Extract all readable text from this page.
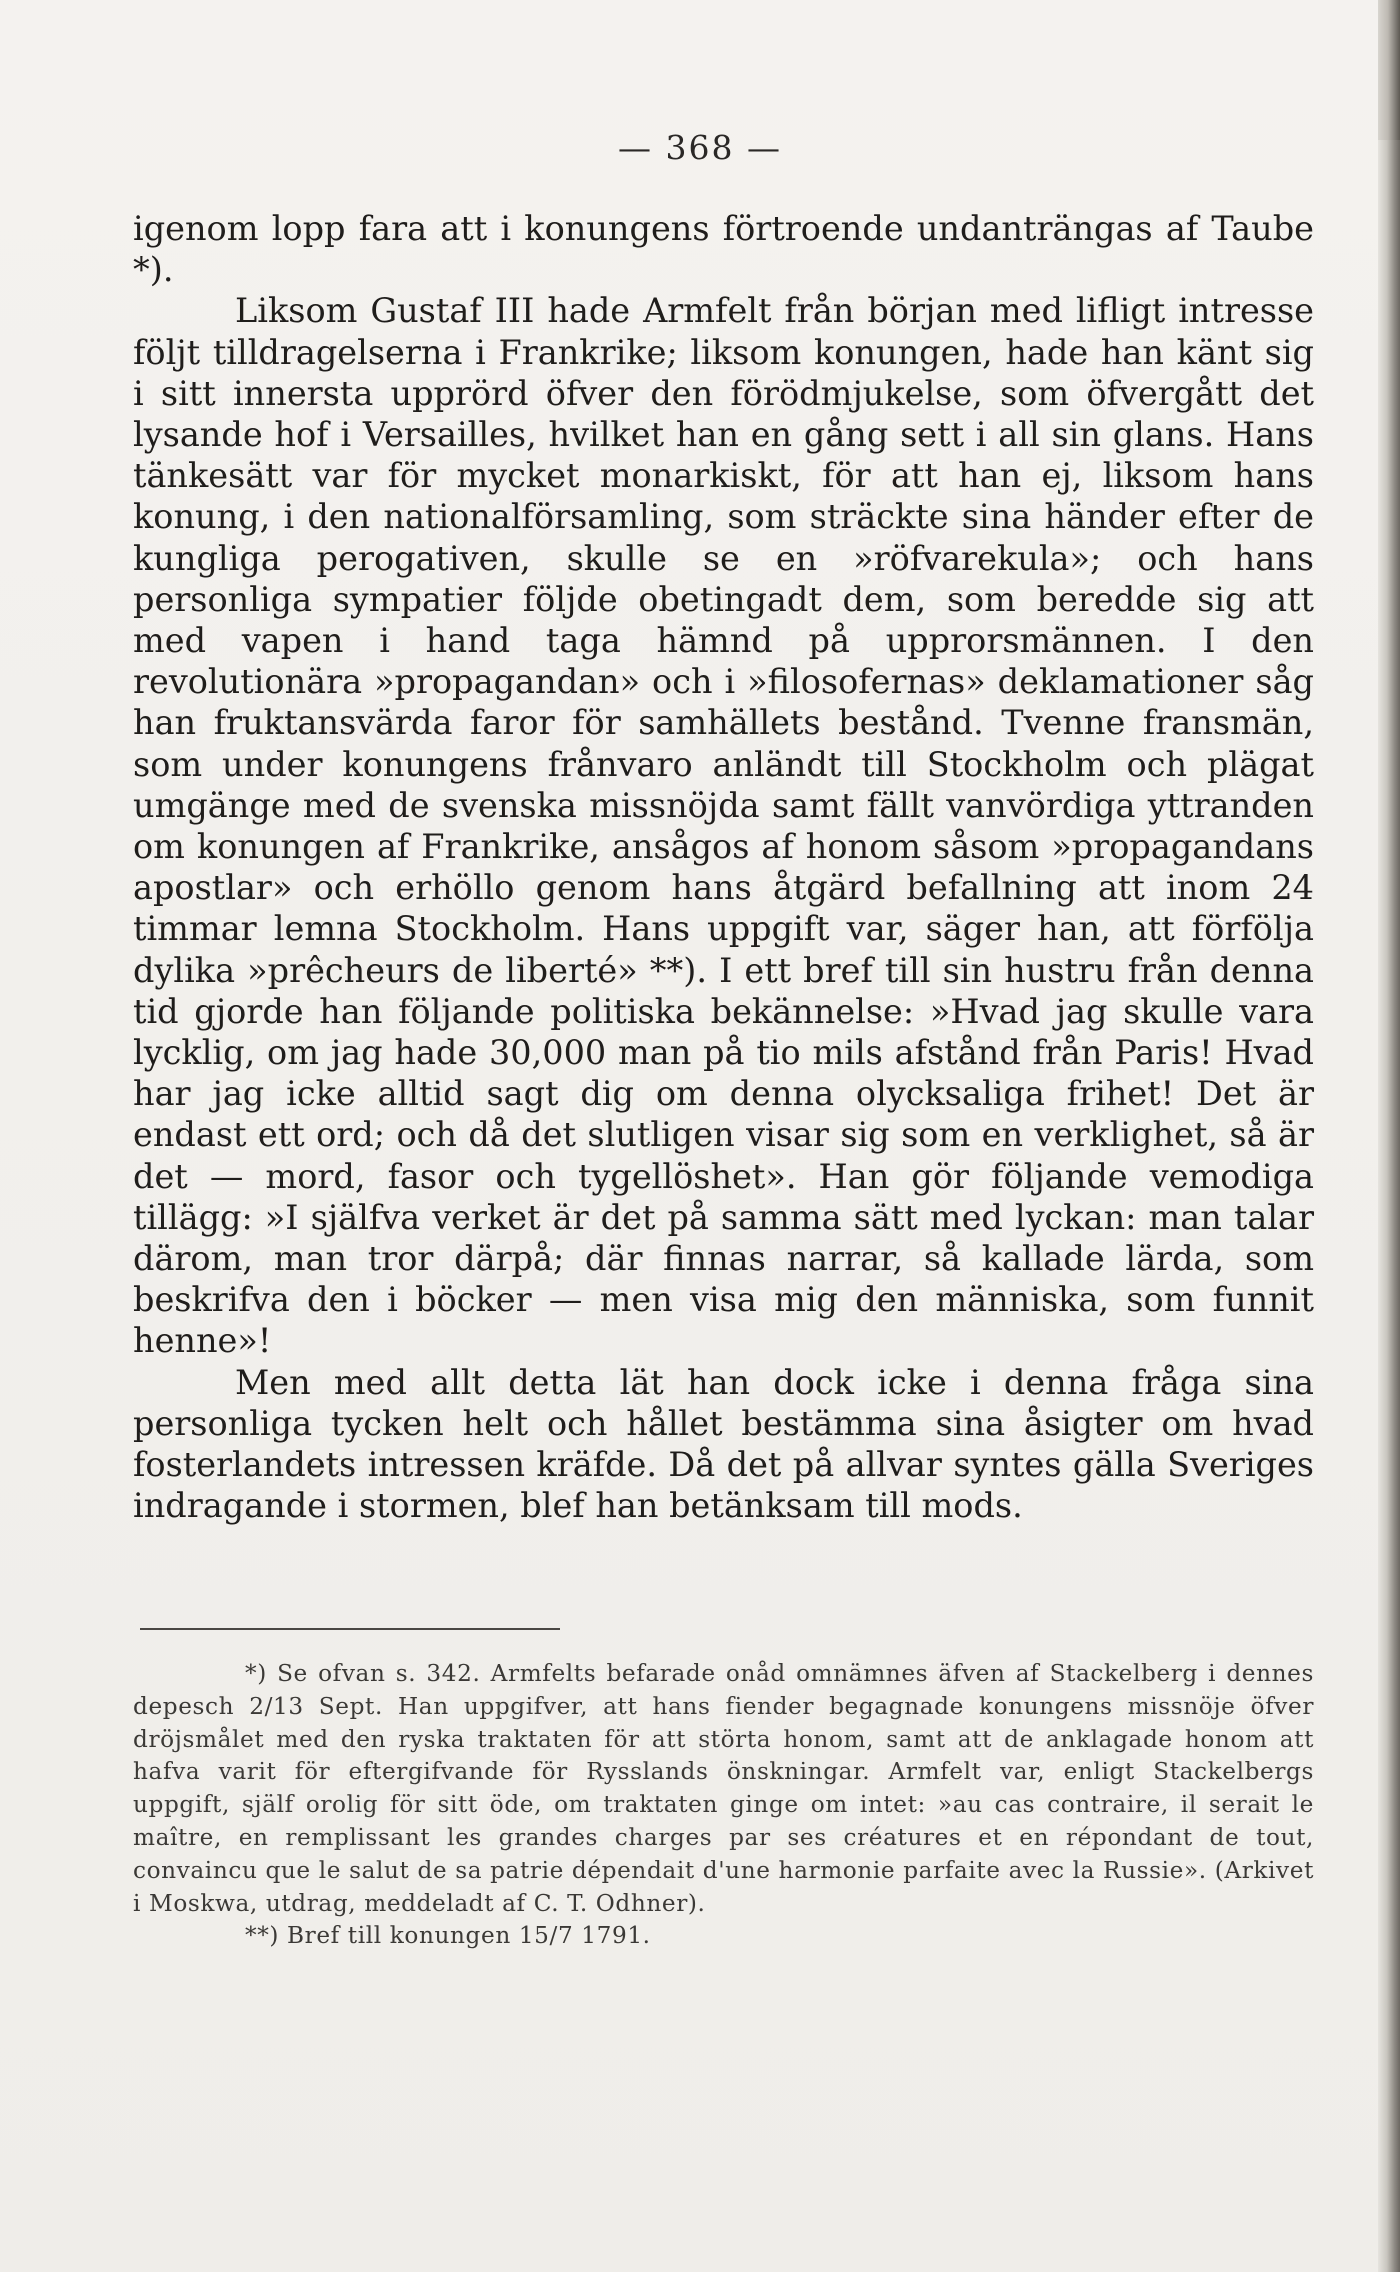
— 368 —

igenom lopp fara att i konungens förtroende undanträngas af Taube *).

Liksom Gustaf III hade Armfelt från början med lifligt intresse följt tilldragelserna i Frankrike; liksom konungen, hade han känt sig i sitt innersta upprörd öfver den förödmjukelse, som öfvergått det lysande hof i Versailles, hvilket han en gång sett i all sin glans. Hans tänkesätt var för mycket monarkiskt, för att han ej, liksom hans konung, i den nationalförsamling, som sträckte sina händer efter de kungliga perogativen, skulle se en »röfvarekula»; och hans personliga sympatier följde obetingadt dem, som beredde sig att med vapen i hand taga hämnd på upprorsmännen. I den revolutionära »propagandan» och i »filosofernas» deklamationer såg han fruktansvärda faror för samhällets bestånd. Tvenne fransmän, som under konungens frånvaro anländt till Stockholm och plägat umgänge med de svenska missnöjda samt fällt vanvördiga yttranden om konungen af Frankrike, ansågos af honom såsom »propagandans apostlar» och erhöllo genom hans åtgärd befallning att inom 24 timmar lemna Stockholm. Hans uppgift var, säger han, att förfölja dylika »prêcheurs de liberté» **). I ett bref till sin hustru från denna tid gjorde han följande politiska bekännelse: »Hvad jag skulle vara lycklig, om jag hade 30,000 man på tio mils afstånd från Paris! Hvad har jag icke alltid sagt dig om denna olycksaliga frihet! Det är endast ett ord; och då det slutligen visar sig som en verklighet, så är det — mord, fasor och tygellöshet». Han gör följande vemodiga tillägg: »I själfva verket är det på samma sätt med lyckan: man talar därom, man tror därpå; där finnas narrar, så kallade lärda, som beskrifva den i böcker — men visa mig den människa, som funnit henne»!

Men med allt detta lät han dock icke i denna fråga sina personliga tycken helt och hållet bestämma sina åsigter om hvad fosterlandets intressen kräfde. Då det på allvar syntes gälla Sveriges indragande i stormen, blef han betänksam till mods.

*) Se ofvan s. 342. Armfelts befarade onåd omnämnes äfven af Stackelberg i dennes depesch 2/13 Sept. Han uppgifver, att hans fiender begagnade konungens missnöje öfver dröjsmålet med den ryska traktaten för att störta honom, samt att de anklagade honom att hafva varit för eftergifvande för Rysslands önskningar. Armfelt var, enligt Stackelbergs uppgift, själf orolig för sitt öde, om traktaten ginge om intet: »au cas contraire, il serait le maître, en remplissant les grandes charges par ses créatures et en répondant de tout, convaincu que le salut de sa patrie dépendait d'une harmonie parfaite avec la Russie». (Arkivet i Moskwa, utdrag, meddeladt af C. T. Odhner).

**) Bref till konungen 15/7 1791.
